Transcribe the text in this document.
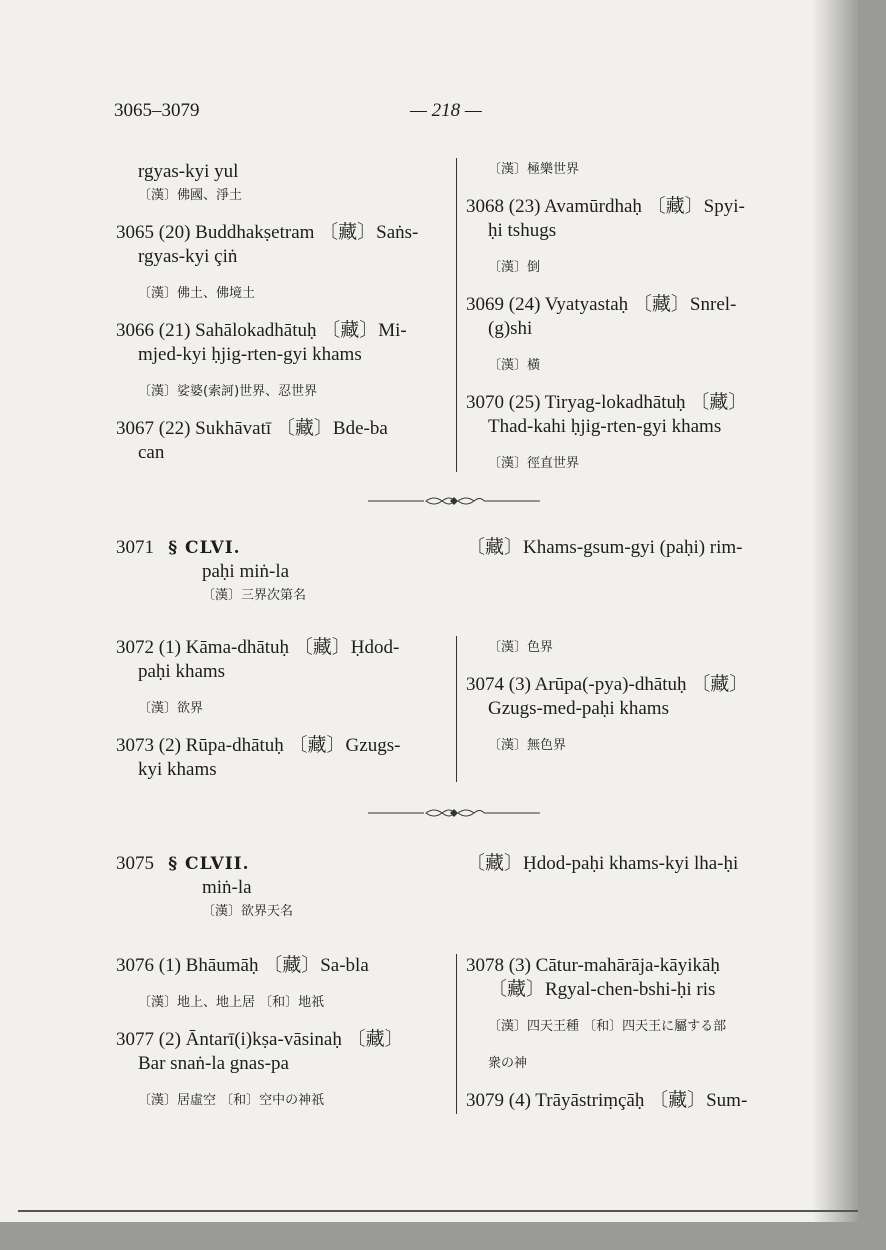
3065–3079	— 218 —
rgyas-kyi yul
〔漢〕佛國、淨土
3065 (20) Buddhakṣetram 〔藏〕Saṅs-
rgyas-kyi çiṅ
〔漢〕佛土、佛境土
3066 (21) Sahālokadhātuḥ 〔藏〕Mi-
mjed-kyi ḥjig-rten-gyi khams
〔漢〕娑婆(索訶)世界、忍世界
3067 (22) Sukhāvatī 〔藏〕Bde-ba
can
〔漢〕極樂世界
3068 (23) Avamūrdhaḥ 〔藏〕Spyi-
ḥi tshugs
〔漢〕倒
3069 (24) Vyatyastaḥ 〔藏〕Snrel-
(g)shi
〔漢〕橫
3070 (25) Tiryag-lokadhātuḥ 〔藏〕
Thad-kahi ḥjig-rten-gyi khams
〔漢〕徑直世界
3071 § CLVI.
paḥi miṅ-la
〔漢〕三界次第名
〔藏〕Khams-gsum-gyi (paḥi) rim-
3072 (1) Kāma-dhātuḥ 〔藏〕Ḥdod-
paḥi khams
〔漢〕欲界
3073 (2) Rūpa-dhātuḥ 〔藏〕Gzugs-
kyi khams
〔漢〕色界
3074 (3) Arūpa(-pya)-dhātuḥ 〔藏〕
Gzugs-med-paḥi khams
〔漢〕無色界
3075 § CLVII.
miṅ-la
〔漢〕欲界天名
〔藏〕Ḥdod-paḥi khams-kyi lha-ḥi
3076 (1) Bhāumāḥ 〔藏〕Sa-bla
〔漢〕地上、地上居 〔和〕地祇
3077 (2) Āntarī(i)kṣa-vāsinaḥ 〔藏〕
Bar snaṅ-la gnas-pa
〔漢〕居虛空 〔和〕空中の神祇
3078 (3) Cātur-mahārāja-kāyikāḥ
〔藏〕Rgyal-chen-bshi-ḥi ris
〔漢〕四天王種 〔和〕四天王に屬する部
衆の神
3079 (4) Trāyāstriṃçāḥ 〔藏〕Sum-
